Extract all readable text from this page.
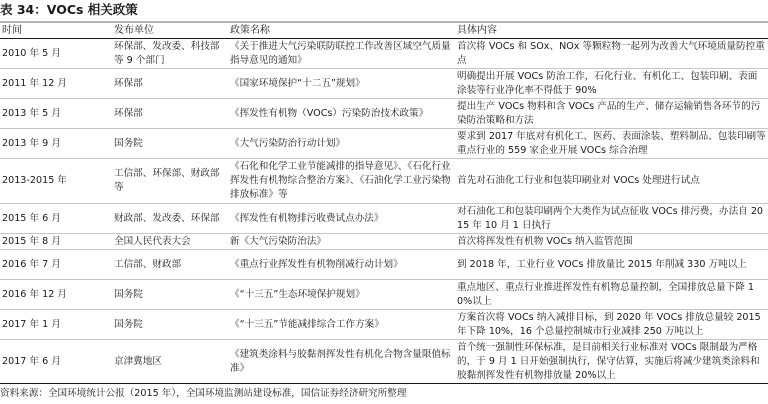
表 34：VOCs 相关政策
时间	发布单位	政策名称	具体内容
2010 年 5 月	环保部、发改委、科技部等 9 个部门	《关于推进大气污染联防联控工作改善区域空气质量指导意见的通知》	首次将 VOCs 和 SOx、NOx 等颗粒物一起列为改善大气环境质量防控重点

2011 年 12 月	环保部	《国家环境保护“十二五”规划》	明确提出开展 VOCs 防治工作，石化行业、有机化工、包装印刷、表面涂装等行业净化率不得低于 90%

2013 年 5 月	环保部	《挥发性有机物（VOCs）污染防治技术政策》	提出生产 VOCs 物料和含 VOCs 产品的生产、储存运输销售各环节的污染防治策略和方法

2013 年 9 月	国务院	《大气污染防治行动计划》	要求到 2017 年底对有机化工、医药、表面涂装、塑料制品、包装印刷等重点行业的 559 家企业开展 VOCs 综合治理

2013-2015 年	工信部、环保部、财政部等	《石化和化学工业节能减排的指导意见》、《石化行业挥发性有机物综合整治方案》、《石油化学工业污染物排放标准》等	首先对石油化工行业和包装印刷业对 VOCs 处理进行试点

2015 年 6 月	财政部、发改委、环保部	《挥发性有机物排污收费试点办法》	对石油化工和包装印刷两个大类作为试点征收 VOCs 排污费，办法自 2015 年 10 月 1 日执行

2015 年 8 月	全国人民代表大会	新《大气污染防治法》	首次将挥发性有机物 VOCs 纳入监管范围

2016 年 7 月	工信部、财政部	《重点行业挥发性有机物削减行动计划》	到 2018 年，工业行业 VOCs 排放量比 2015 年削减 330 万吨以上

2016 年 12 月	国务院	《“十三五”生态环境保护规划》	重点地区、重点行业推进挥发性有机物总量控制，全国排放总量下降 10%以上

2017 年 1 月	国务院	《“十三五”节能减排综合工作方案》	方案首次将 VOCs 纳入减排目标，到 2020 年 VOCs 排放总量较 2015 年下降 10%，16 个总量控制城市行业减排 250 万吨以上

2017 年 6 月	京津冀地区	《建筑类涂料与胶黏剂挥发性有机化合物含量限值标准》	首个统一强制性环保标准，是目前相关行业标准对 VOCs 限制最为严格的，于 9 月 1 日开始强制执行，保守估算，实施后将减少建筑类涂料和胶黏剂挥发性有机物排放量 20%以上
资料来源：全国环境统计公报（2015 年），全国环境监测站建设标准，国信证券经济研究所整理
